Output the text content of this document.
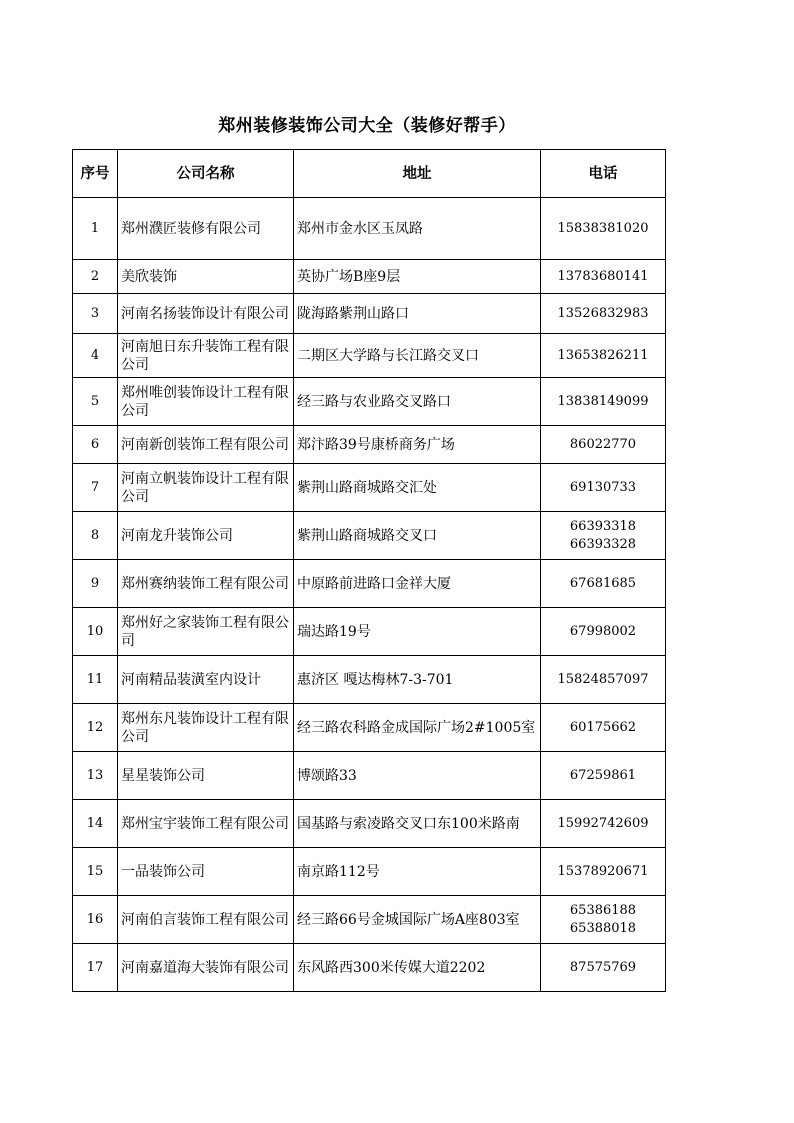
郑州装修装饰公司大全（装修好帮手）
序号	公司名称	地址	电话
1	郑州濮匠装修有限公司	郑州市金水区玉凤路	15838381020

2	美欣装饰	英协广场B座9层	13783680141

3	河南名扬装饰设计有限公司	陇海路紫荆山路口	13526832983

4	河南旭日东升装饰工程有限公司	二期区大学路与长江路交叉口	13653826211

5	郑州唯创装饰设计工程有限公司	经三路与农业路交叉路口	13838149099

6	河南新创装饰工程有限公司	郑汴路39号康桥商务广场	86022770

7	河南立帆装饰设计工程有限公司	紫荆山路商城路交汇处	69130733

8	河南龙升装饰公司	紫荆山路商城路交叉口	66393318
66393328

9	郑州赛纳装饰工程有限公司	中原路前进路口金祥大厦	67681685

10	郑州好之家装饰工程有限公司	瑞达路19号	67998002

11	河南精品装潢室内设计	惠济区 嘎达梅林7-3-701	15824857097

12	郑州东凡装饰设计工程有限公司	经三路农科路金成国际广场2#1005室	60175662

13	星星装饰公司	博颂路33	67259861

14	郑州宝宇装饰工程有限公司	国基路与索凌路交叉口东100米路南	15992742609

15	一品装饰公司	南京路112号	15378920671

16	河南伯言装饰工程有限公司	经三路66号金城国际广场A座803室	65386188
65388018

17	河南嘉道海大装饰有限公司	东风路西300米传媒大道2202	87575769
